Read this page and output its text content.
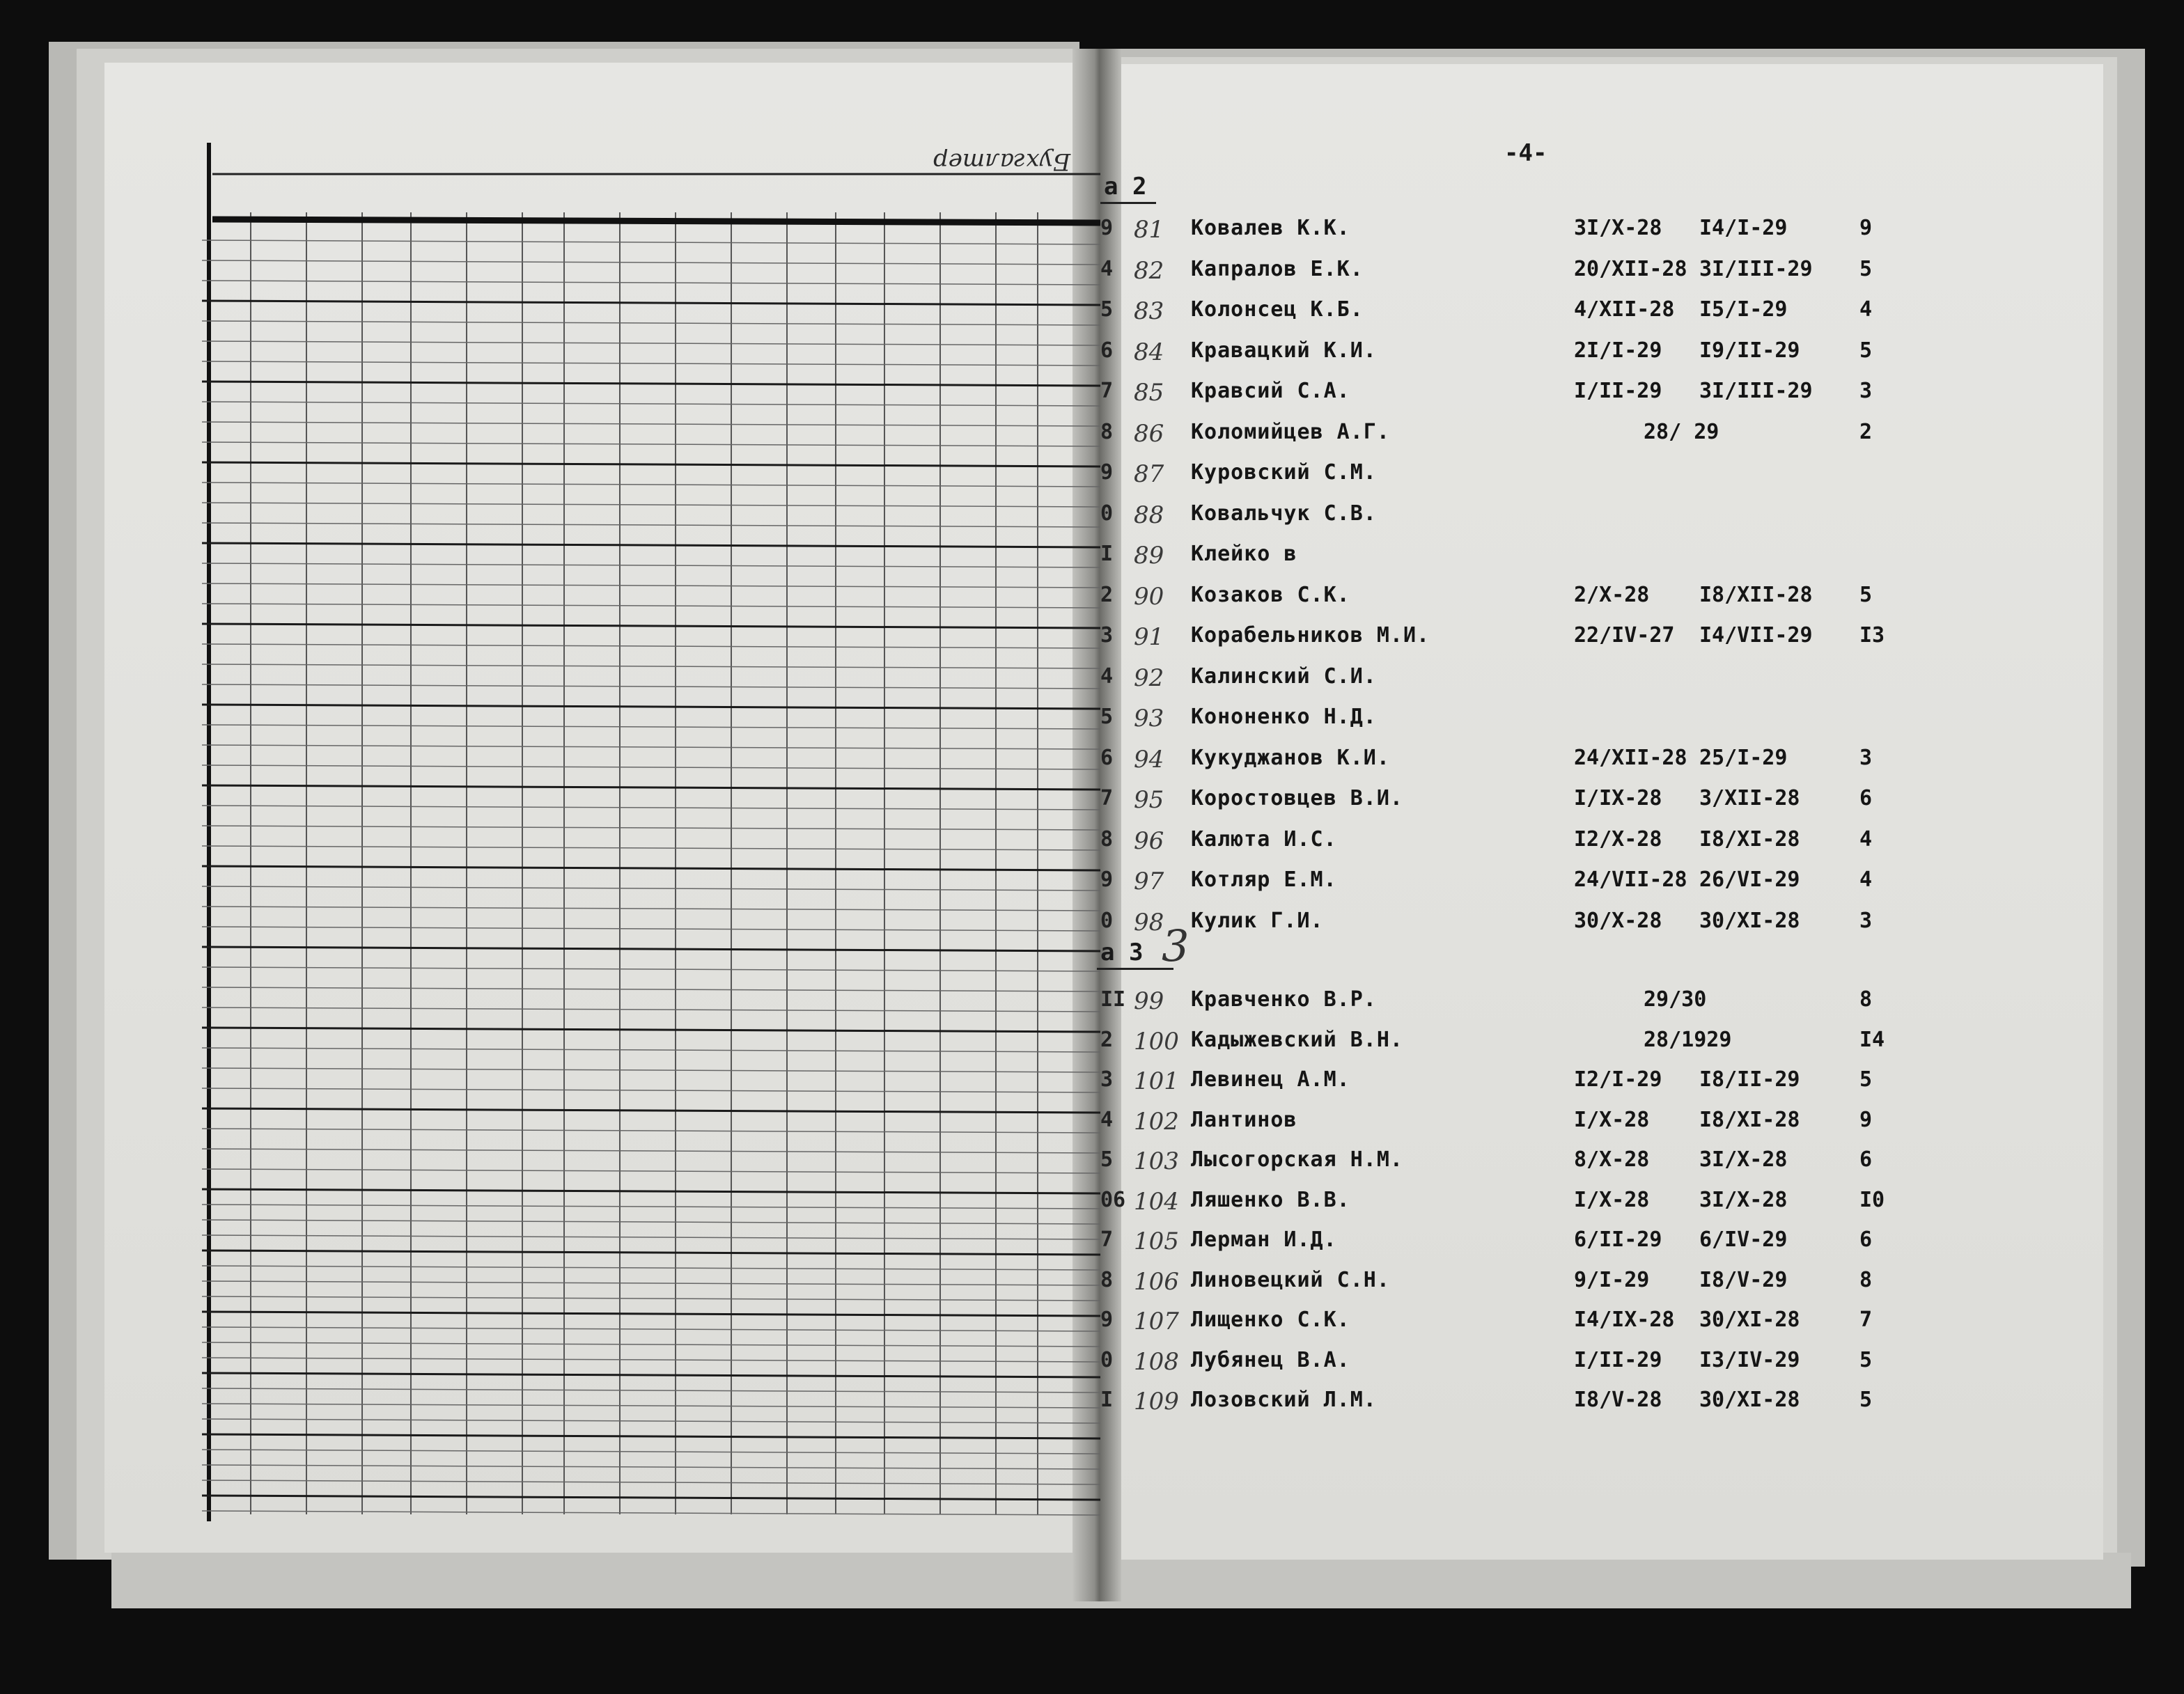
Бухгалтер	-4-
а 2
9 81 Ковалев К.К.	3I/X-28 I4/I-29	9
4 82 Капралов Е.К.	20/XII-28 3I/III-29 5
5 83 Колонсец К.Б.	4/XII-28 I5/I-29	4
6 84 Кравацкий К.И.	2I/I-29 I9/II-29	5
7 85 Кравсий С.А.	I/II-29 3I/III-29 3
8 86 Коломийцев А.Г.	28/ 29	2
9 87 Куровский С.М.
0 88 Ковальчук С.В.
I 89 Клейко в
2 90 Козаков С.К.	2/X-28 I8/XII-28 5
3 91 Корабельников М.И.	22/IV-27 I4/VII-29 I3
4 92 Калинский С.И.
5 93 Кононенко Н.Д.
6 94 Кукуджанов К.И.	24/XII-28 25/I-29	3
7 95 Коростовцев В.И.	I/IX-28 3/XII-28	6
8 96 Калюта И.С.	I2/X-28 I8/XI-28	4
9 97 Котляр Е.М.	24/VII-28 26/VI-29	4
0 98 Кулик Г.И.	30/X-28 30/XI-28	3
а 3 3
II 99 Кравченко В.Р.	29/30	8
2 100 Кадыжевский В.Н.	28/1929	I4
3 101 Левинец А.М.	I2/I-29 I8/II-29	5
4 102 Лантинов	I/X-28 I8/XI-28	9
5 103 Лысогорская Н.М.	8/X-28 3I/X-28	6
06 104 Ляшенко В.В.	I/X-28 3I/X-28	I0
7 105 Лерман И.Д.	6/II-29 6/IV-29	6
8 106 Линовецкий С.Н.	9/I-29 I8/V-29	8
9 107 Лищенко С.К.	I4/IX-28 30/XI-28	7
0 108 Лубянец В.А.	I/II-29 I3/IV-29	5
I 109 Лозовский Л.М.	I8/V-28 30/XI-28	5
